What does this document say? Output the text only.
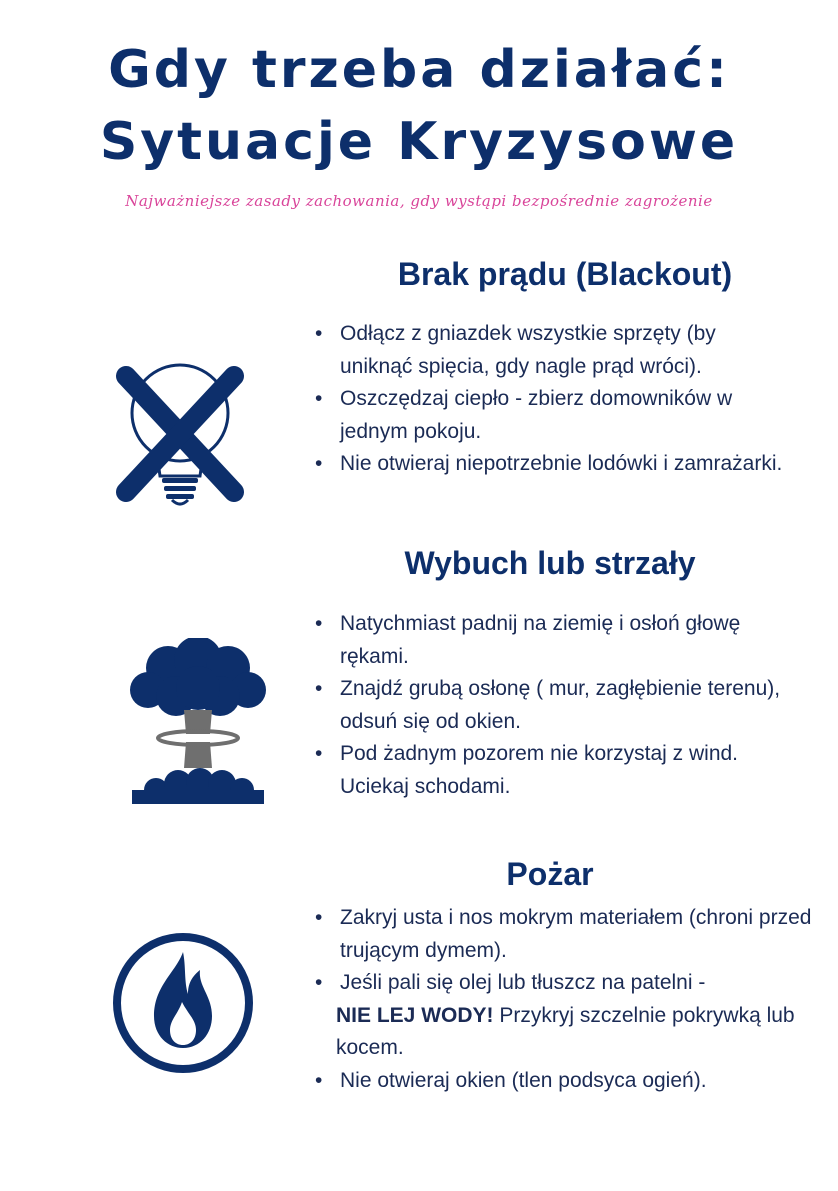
Gdy trzeba działać:
Sytuacje Kryzysowe
Najważniejsze zasady zachowania, gdy wystąpi bezpośrednie zagrożenie
Brak prądu (Blackout)
• Odłącz z gniazdek wszystkie sprzęty (by uniknąć spięcia, gdy nagle prąd wróci).
• Oszczędzaj ciepło - zbierz domowników w jednym pokoju.
• Nie otwieraj niepotrzebnie lodówki i zamrażarki.
Wybuch lub strzały
• Natychmiast padnij na ziemię i osłoń głowę rękami.
• Znajdź grubą osłonę ( mur, zagłębienie terenu), odsuń się od okien.
• Pod żadnym pozorem nie korzystaj z wind. Uciekaj schodami.
Pożar
• Zakryj usta i nos mokrym materiałem (chroni przed trującym dymem).
• Jeśli pali się olej lub tłuszcz na patelni -
NIE LEJ WODY! Przykryj szczelnie pokrywką lub kocem.
• Nie otwieraj okien (tlen podsyca ogień).
